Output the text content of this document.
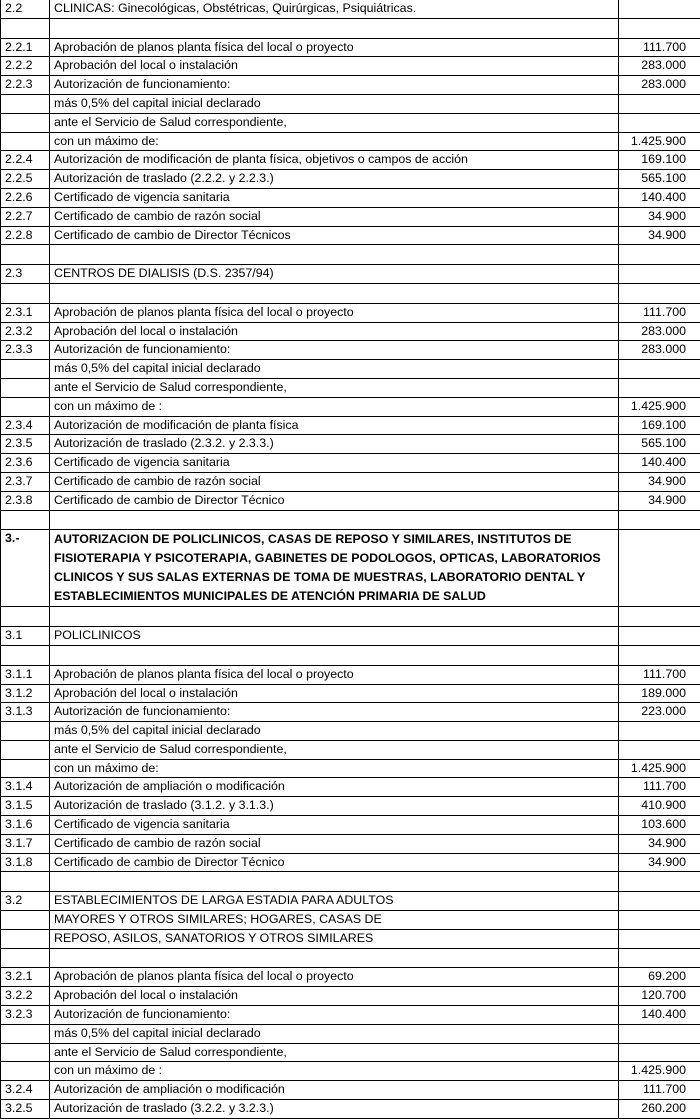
2.2	CLINICAS: Ginecológicas, Obstétricas, Quirúrgicas, Psiquiátricas.	

2.2.1	Aprobación de planos planta física del local o proyecto	111.700
2.2.2	Aprobación del local o instalación	283.000
2.2.3	Autorización de funcionamiento:	283.000
	más 0,5% del capital inicial declarado	
	ante el Servicio de Salud correspondiente,	
	con un máximo de:	1.425.900
2.2.4	Autorización de modificación de planta física, objetivos o campos de acción	169.100
2.2.5	Autorización de traslado (2.2.2. y 2.2.3.)	565.100
2.2.6	Certificado de vigencia sanitaria	140.400
2.2.7	Certificado de cambio de razón social	34.900
2.2.8	Certificado de cambio de Director Técnicos	34.900

2.3	CENTROS DE DIALISIS (D.S. 2357/94)	

2.3.1	Aprobación de planos planta física del local o proyecto	111.700
2.3.2	Aprobación del local o instalación	283.000
2.3.3	Autorización de funcionamiento:	283.000
	más 0,5% del capital inicial declarado	
	ante el Servicio de Salud correspondiente,	
	con un máximo de :	1.425.900
2.3.4	Autorización de modificación de planta física	169.100
2.3.5	Autorización de traslado (2.3.2. y 2.3.3.)	565.100
2.3.6	Certificado de vigencia sanitaria	140.400
2.3.7	Certificado de cambio de razón social	34.900
2.3.8	Certificado de cambio de Director Técnico	34.900

3.-	AUTORIZACION DE POLICLINICOS, CASAS DE REPOSO Y SIMILARES, INSTITUTOS DE FISIOTERAPIA Y PSICOTERAPIA, GABINETES DE PODOLOGOS, OPTICAS, LABORATORIOS CLINICOS Y SUS SALAS EXTERNAS DE TOMA DE MUESTRAS, LABORATORIO DENTAL Y ESTABLECIMIENTOS MUNICIPALES DE ATENCIÓN PRIMARIA DE SALUD	

3.1	POLICLINICOS	

3.1.1	Aprobación de planos planta física del local o proyecto	111.700
3.1.2	Aprobación del local o instalación	189.000
3.1.3	Autorización de funcionamiento:	223.000
	más 0,5% del capital inicial declarado	
	ante el Servicio de Salud correspondiente,	
	con un máximo de:	1.425.900
3.1.4	Autorización de ampliación o modificación	111.700
3.1.5	Autorización de traslado (3.1.2. y 3.1.3.)	410.900
3.1.6	Certificado de vigencia sanitaria	103.600
3.1.7	Certificado de cambio de razón social	34.900
3.1.8	Certificado de cambio de Director Técnico	34.900

3.2	ESTABLECIMIENTOS DE LARGA ESTADIA PARA ADULTOS	
	MAYORES Y OTROS SIMILARES; HOGARES, CASAS DE	
	REPOSO, ASILOS, SANATORIOS Y OTROS SIMILARES	

3.2.1	Aprobación de planos planta física del local o proyecto	69.200
3.2.2	Aprobación del local o instalación	120.700
3.2.3	Autorización de funcionamiento:	140.400
	más 0,5% del capital inicial declarado	
	ante el Servicio de Salud correspondiente,	
	con un máximo de :	1.425.900
3.2.4	Autorización de ampliación o modificación	111.700
3.2.5	Autorización de traslado (3.2.2. y 3.2.3.)	260.200
